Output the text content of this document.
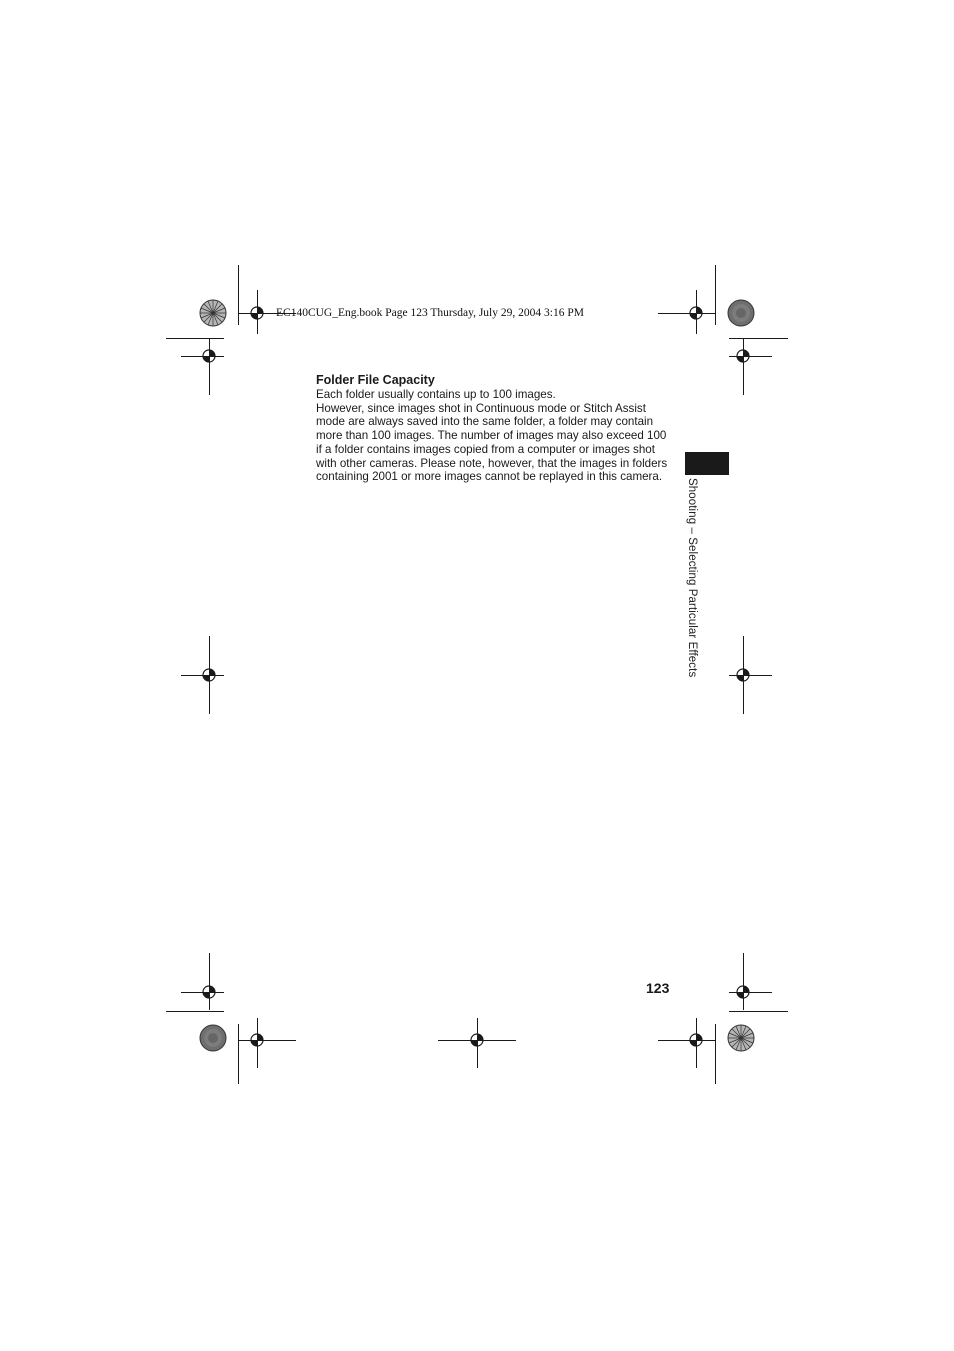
EC140CUG_Eng.book Page 123 Thursday, July 29, 2004 3:16 PM
Folder File Capacity

Each folder usually contains up to 100 images.

However, since images shot in Continuous mode or Stitch Assist mode are always saved into the same folder, a folder may contain more than 100 images. The number of images may also exceed 100 if a folder contains images copied from a computer or images shot with other cameras. Please note, however, that the images in folders containing 2001 or more images cannot be replayed in this camera.

Shooting – Selecting Particular Effects
123
